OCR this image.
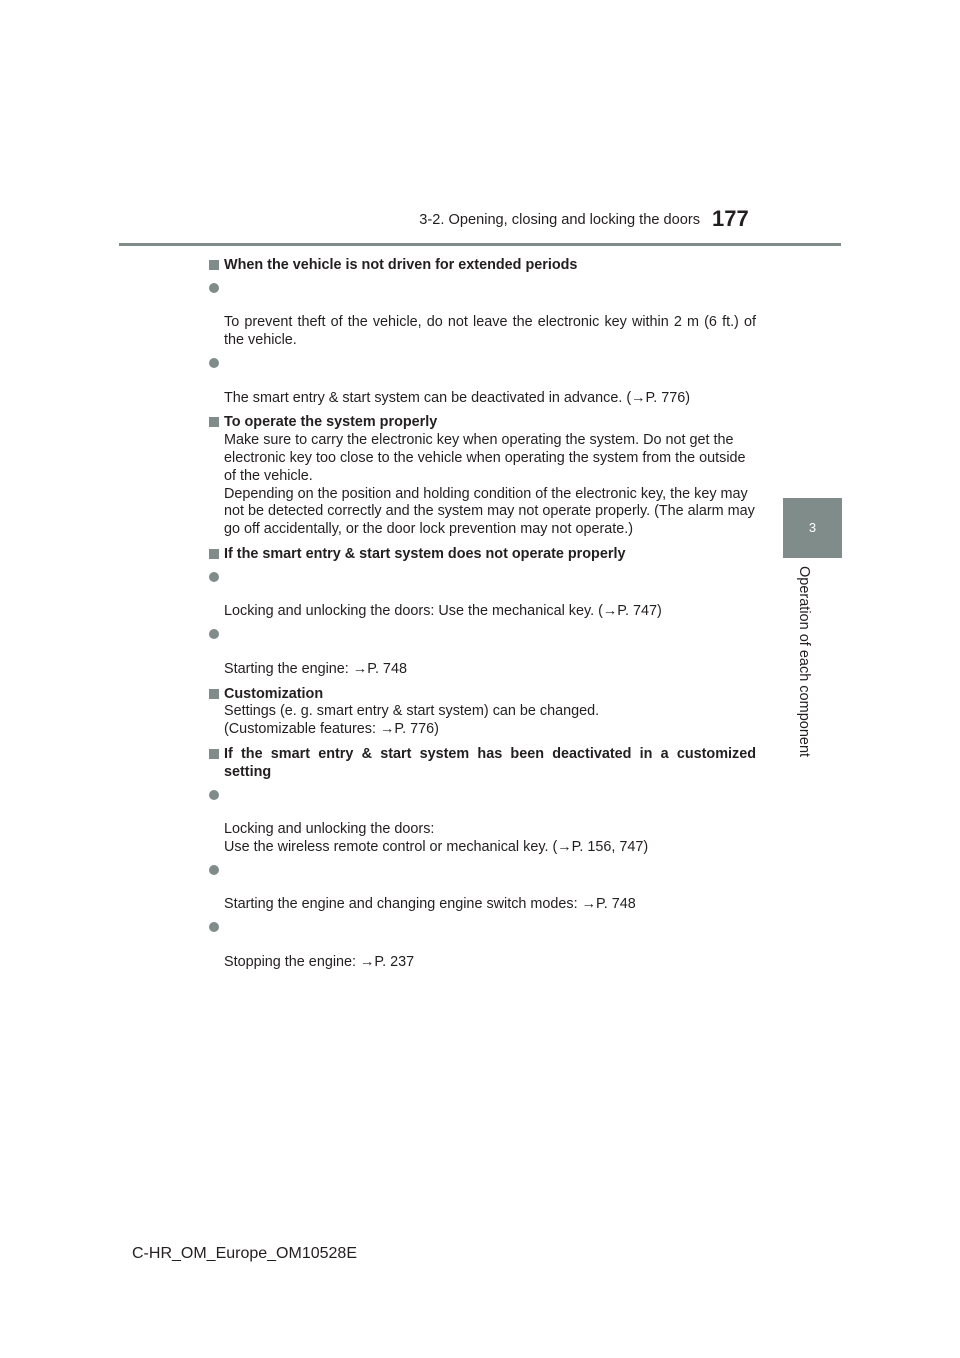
3-2. Opening, closing and locking the doors 177
3
Operation of each component
When the vehicle is not driven for extended periods

To prevent theft of the vehicle, do not leave the electronic key within 2 m (6 ft.) of the vehicle.

The smart entry & start system can be deactivated in advance. (→P. 776)

To operate the system properly
Make sure to carry the electronic key when operating the system. Do not get the electronic key too close to the vehicle when operating the system from the outside of the vehicle.
Depending on the position and holding condition of the electronic key, the key may not be detected correctly and the system may not operate properly. (The alarm may go off accidentally, or the door lock prevention may not operate.)
If the smart entry & start system does not operate properly

Locking and unlocking the doors: Use the mechanical key. (→P. 747)

Starting the engine: →P. 748

Customization
Settings (e. g. smart entry & start system) can be changed.
(Customizable features: →P. 776)
If the smart entry & start system has been deactivated in a customized setting

Locking and unlocking the doors:
Use the wireless remote control or mechanical key. (→P. 156, 747)

Starting the engine and changing engine switch modes: →P. 748

Stopping the engine: →P. 237

C-HR_OM_Europe_OM10528E
